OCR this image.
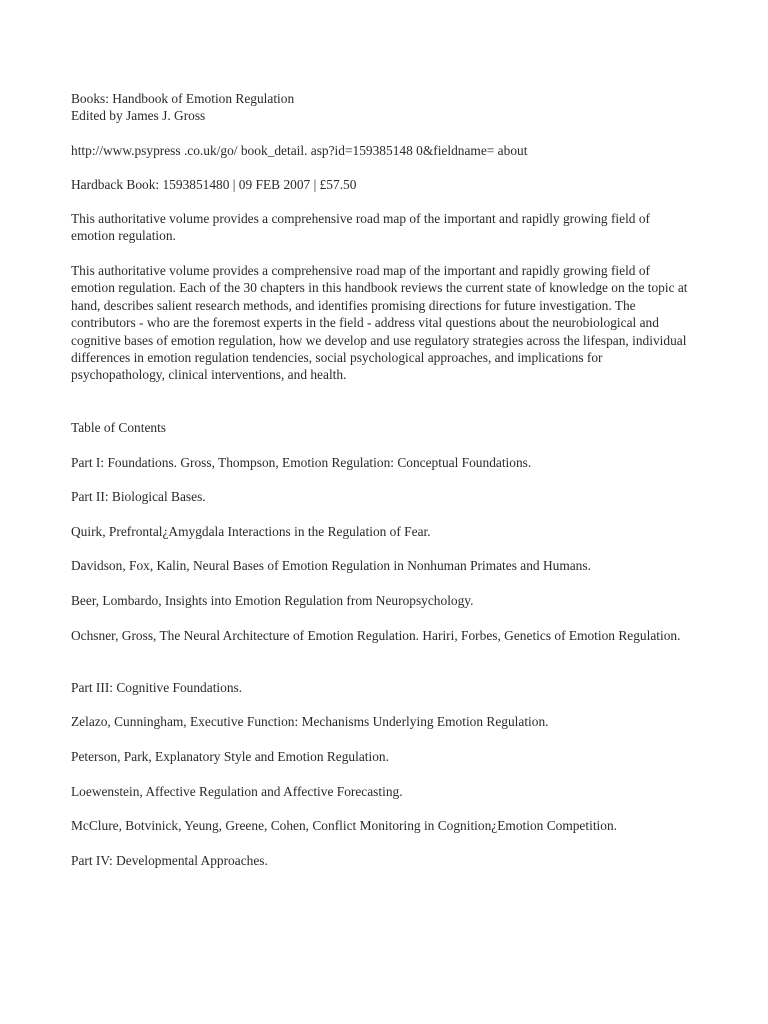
Books: Handbook of Emotion Regulation
Edited by James J. Gross
http://www.psypress .co.uk/go/ book_detail. asp?id=159385148 0&fieldname= about
Hardback Book: 1593851480 | 09 FEB 2007 | £57.50
This authoritative volume provides a comprehensive road map of the important and rapidly growing field of emotion regulation.
This authoritative volume provides a comprehensive road map of the important and rapidly growing field of emotion regulation. Each of the 30 chapters in this handbook reviews the current state of knowledge on the topic at hand, describes salient research methods, and identifies promising directions for future investigation. The contributors - who are the foremost experts in the field - address vital questions about the neurobiological and cognitive bases of emotion regulation, how we develop and use regulatory strategies across the lifespan, individual differences in emotion regulation tendencies, social psychological approaches, and implications for psychopathology, clinical interventions, and health.
Table of Contents
Part I: Foundations. Gross, Thompson, Emotion Regulation: Conceptual Foundations.
Part II: Biological Bases.
Quirk, Prefrontal¿Amygdala Interactions in the Regulation of Fear.
Davidson, Fox, Kalin, Neural Bases of Emotion Regulation in Nonhuman Primates and Humans.
Beer, Lombardo, Insights into Emotion Regulation from Neuropsychology.
Ochsner, Gross, The Neural Architecture of Emotion Regulation. Hariri, Forbes, Genetics of Emotion Regulation.
Part III: Cognitive Foundations.
Zelazo, Cunningham, Executive Function: Mechanisms Underlying Emotion Regulation.
Peterson, Park, Explanatory Style and Emotion Regulation.
Loewenstein, Affective Regulation and Affective Forecasting.
McClure, Botvinick, Yeung, Greene, Cohen, Conflict Monitoring in Cognition¿Emotion Competition.
Part IV: Developmental Approaches.
